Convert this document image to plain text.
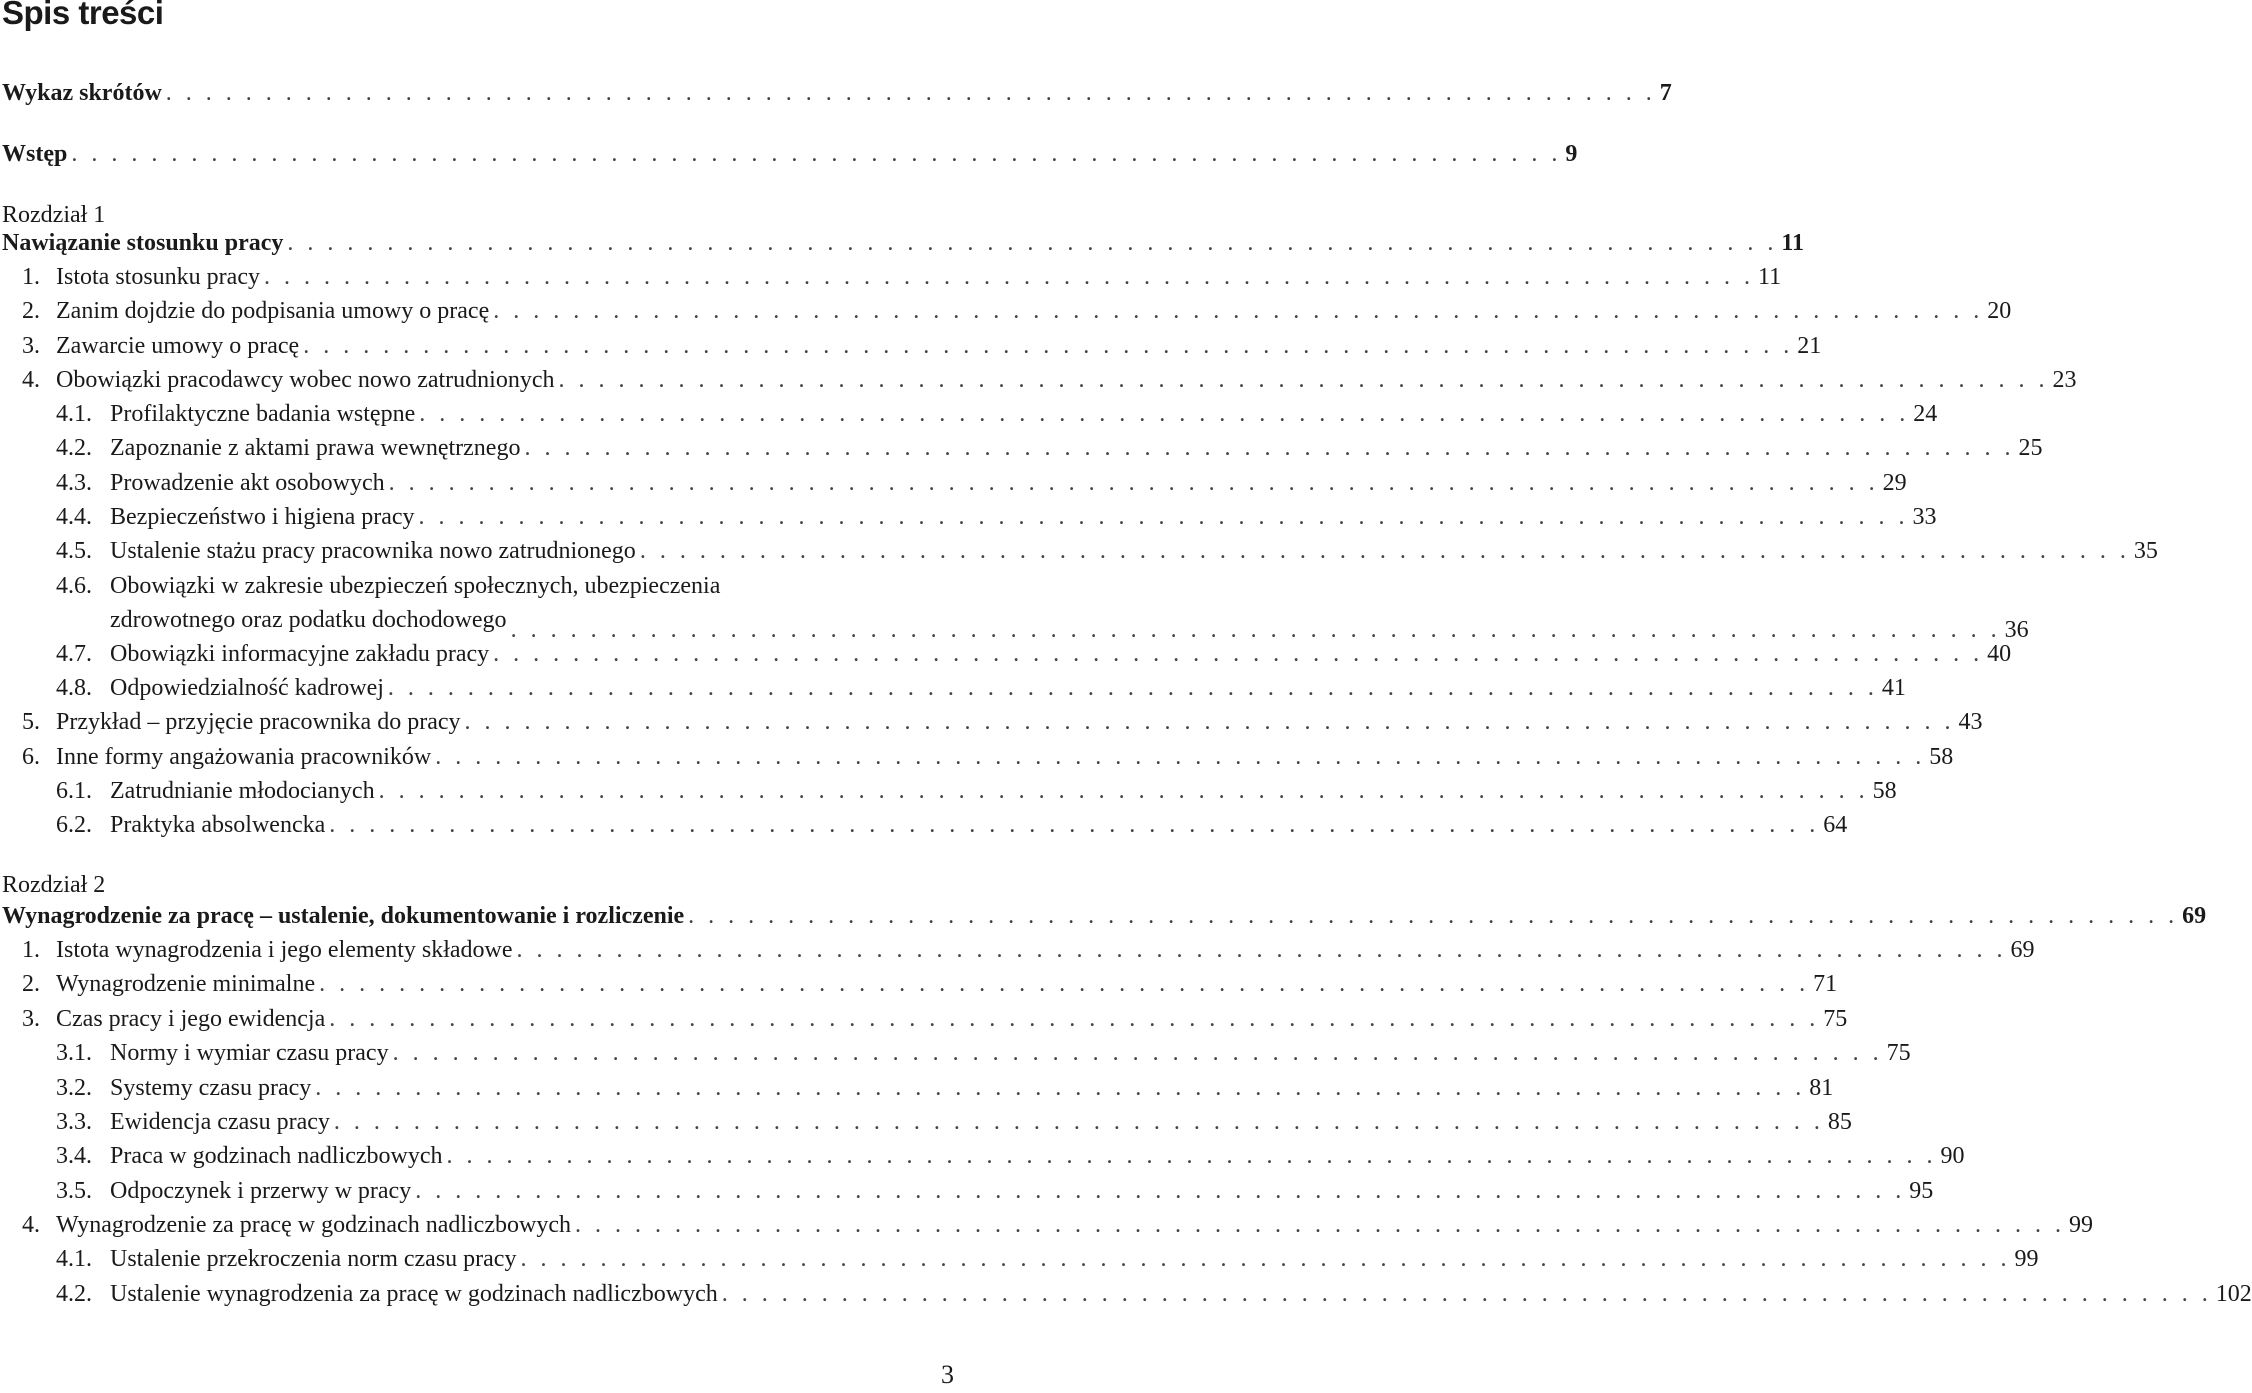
Spis treści
Wykaz skrótów . . . . . . . . . . . . . . . . . . . . . . . . . . . . . . . . . . . . . . . . . . . . . . . . . . . . . . . . . . . . . . . . . . . . . . . . . . . 7
Wstęp . . . . . . . . . . . . . . . . . . . . . . . . . . . . . . . . . . . . . . . . . . . . . . . . . . . . . . . . . . . . . . . . . . . . . . . . . . . 9
Rozdział 1
Nawiązanie stosunku pracy . . . . . . . . . . . . . . . . . . . . . . . . . . . . . . . . . . . . . . . . . . . . . . . . . . . . . . . . . . . . . . . . . . . . . . . . . . . 11
1. Istota stosunku pracy . . . . . . . . . . . . . . . . . . . . . . . . . . . . . . . . . . . . . . . . . . . . . . . . . . . . . . . . . . . . . . . . . . . . . . . . . . . 11
2. Zanim dojdzie do podpisania umowy o pracę . . . . . . . . . . . . . . . . . . . . . . . . . . . . . . . . . . . . . . . . . . . . . . . . . . . . . . . . . . . . . . . . . . . . . . . . . . . 20
3. Zawarcie umowy o pracę . . . . . . . . . . . . . . . . . . . . . . . . . . . . . . . . . . . . . . . . . . . . . . . . . . . . . . . . . . . . . . . . . . . . . . . . . . . 21
4. Obowiązki pracodawcy wobec nowo zatrudnionych . . . . . . . . . . . . . . . . . . . . . . . . . . . . . . . . . . . . . . . . . . . . . . . . . . . . . . . . . . . . . . . . . . . . . . . . . . . 23
4.1. Profilaktyczne badania wstępne . . . . . . . . . . . . . . . . . . . . . . . . . . . . . . . . . . . . . . . . . . . . . . . . . . . . . . . . . . . . . . . . . . . . . . . . . . . 24
4.2. Zapoznanie z aktami prawa wewnętrznego . . . . . . . . . . . . . . . . . . . . . . . . . . . . . . . . . . . . . . . . . . . . . . . . . . . . . . . . . . . . . . . . . . . . . . . . . . . 25
4.3. Prowadzenie akt osobowych . . . . . . . . . . . . . . . . . . . . . . . . . . . . . . . . . . . . . . . . . . . . . . . . . . . . . . . . . . . . . . . . . . . . . . . . . . . 29
4.4. Bezpieczeństwo i higiena pracy . . . . . . . . . . . . . . . . . . . . . . . . . . . . . . . . . . . . . . . . . . . . . . . . . . . . . . . . . . . . . . . . . . . . . . . . . . . 33
4.5. Ustalenie stażu pracy pracownika nowo zatrudnionego . . . . . . . . . . . . . . . . . . . . . . . . . . . . . . . . . . . . . . . . . . . . . . . . . . . . . . . . . . . . . . . . . . . . . . . . . . . 35
zdrowotnego oraz podatku dochodowego . . . . . . . . . . . . . . . . . . . . . . . . . . . . . . . . . . . . . . . . . . . . . . . . . . . . . . . . . . . . . . . . . . . . . . . . . . . 36
4.6. Obowiązki w zakresie ubezpieczeń społecznych, ubezpieczenia
4.7. Obowiązki informacyjne zakładu pracy . . . . . . . . . . . . . . . . . . . . . . . . . . . . . . . . . . . . . . . . . . . . . . . . . . . . . . . . . . . . . . . . . . . . . . . . . . . 40
4.8. Odpowiedzialność kadrowej . . . . . . . . . . . . . . . . . . . . . . . . . . . . . . . . . . . . . . . . . . . . . . . . . . . . . . . . . . . . . . . . . . . . . . . . . . . 41
5. Przykład – przyjęcie pracownika do pracy . . . . . . . . . . . . . . . . . . . . . . . . . . . . . . . . . . . . . . . . . . . . . . . . . . . . . . . . . . . . . . . . . . . . . . . . . . . 43
6. Inne formy angażowania pracowników . . . . . . . . . . . . . . . . . . . . . . . . . . . . . . . . . . . . . . . . . . . . . . . . . . . . . . . . . . . . . . . . . . . . . . . . . . . 58
6.1. Zatrudnianie młodocianych . . . . . . . . . . . . . . . . . . . . . . . . . . . . . . . . . . . . . . . . . . . . . . . . . . . . . . . . . . . . . . . . . . . . . . . . . . . 58
6.2. Praktyka absolwencka . . . . . . . . . . . . . . . . . . . . . . . . . . . . . . . . . . . . . . . . . . . . . . . . . . . . . . . . . . . . . . . . . . . . . . . . . . . 64
Rozdział 2
Wynagrodzenie za pracę – ustalenie, dokumentowanie i rozliczenie . . . . . . . . . . . . . . . . . . . . . . . . . . . . . . . . . . . . . . . . . . . . . . . . . . . . . . . . . . . . . . . . . . . . . . . . . . . 69
1. Istota wynagrodzenia i jego elementy składowe . . . . . . . . . . . . . . . . . . . . . . . . . . . . . . . . . . . . . . . . . . . . . . . . . . . . . . . . . . . . . . . . . . . . . . . . . . . 69
2. Wynagrodzenie minimalne . . . . . . . . . . . . . . . . . . . . . . . . . . . . . . . . . . . . . . . . . . . . . . . . . . . . . . . . . . . . . . . . . . . . . . . . . . . 71
3. Czas pracy i jego ewidencja . . . . . . . . . . . . . . . . . . . . . . . . . . . . . . . . . . . . . . . . . . . . . . . . . . . . . . . . . . . . . . . . . . . . . . . . . . . 75
3.1. Normy i wymiar czasu pracy . . . . . . . . . . . . . . . . . . . . . . . . . . . . . . . . . . . . . . . . . . . . . . . . . . . . . . . . . . . . . . . . . . . . . . . . . . . 75
3.2. Systemy czasu pracy . . . . . . . . . . . . . . . . . . . . . . . . . . . . . . . . . . . . . . . . . . . . . . . . . . . . . . . . . . . . . . . . . . . . . . . . . . . 81
3.3. Ewidencja czasu pracy . . . . . . . . . . . . . . . . . . . . . . . . . . . . . . . . . . . . . . . . . . . . . . . . . . . . . . . . . . . . . . . . . . . . . . . . . . . 85
3.4. Praca w godzinach nadliczbowych . . . . . . . . . . . . . . . . . . . . . . . . . . . . . . . . . . . . . . . . . . . . . . . . . . . . . . . . . . . . . . . . . . . . . . . . . . . 90
3.5. Odpoczynek i przerwy w pracy . . . . . . . . . . . . . . . . . . . . . . . . . . . . . . . . . . . . . . . . . . . . . . . . . . . . . . . . . . . . . . . . . . . . . . . . . . . 95
4. Wynagrodzenie za pracę w godzinach nadliczbowych . . . . . . . . . . . . . . . . . . . . . . . . . . . . . . . . . . . . . . . . . . . . . . . . . . . . . . . . . . . . . . . . . . . . . . . . . . . 99
4.1. Ustalenie przekroczenia norm czasu pracy . . . . . . . . . . . . . . . . . . . . . . . . . . . . . . . . . . . . . . . . . . . . . . . . . . . . . . . . . . . . . . . . . . . . . . . . . . . 99
4.2. Ustalenie wynagrodzenia za pracę w godzinach nadliczbowych . . . . . . . . . . . . . . . . . . . . . . . . . . . . . . . . . . . . . . . . . . . . . . . . . . . . . . . . . . . . . . . . . . . . . . . . . . . 102
3
